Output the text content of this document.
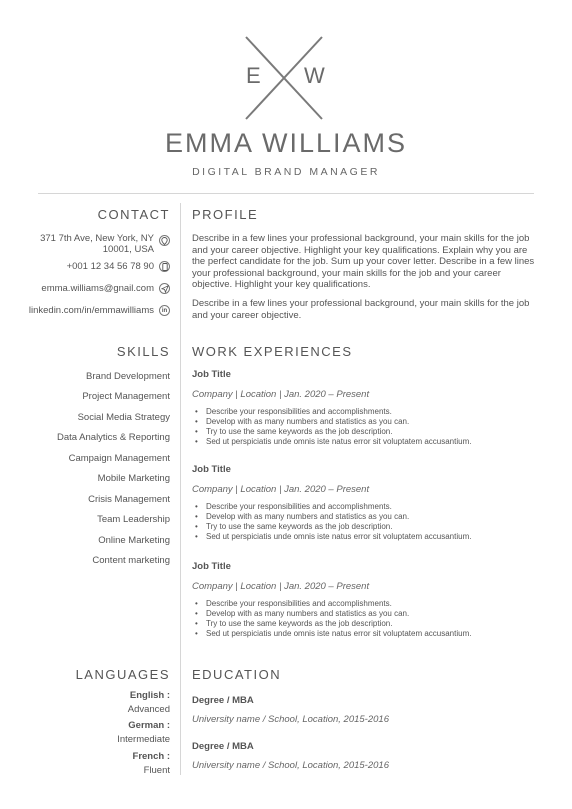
E W
EMMA WILLIAMS
DIGITAL BRAND MANAGER
CONTACT
371 7th Ave, New York, NY
10001, USA
+001 12 34 56 78 90
emma.williams@gnail.com
linkedin.com/in/emmawilliams	in
SKILLS
Brand Development
Project Management
Social Media Strategy
Data Analytics & Reporting
Campaign Management
Mobile Marketing
Crisis Management
Team Leadership
Online Marketing
Content marketing
LANGUAGES
English :
Advanced
German :
Intermediate
French :
Fluent
PROFILE
Describe in a few lines your professional background, your main skills for the job and your career objective. Highlight your key qualifications. Explain why you are the perfect candidate for the job. Sum up your cover letter. Describe in a few lines your professional background, your main skills for the job and your career objective. Highlight your key qualifications.
Describe in a few lines your professional background, your main skills for the job and your career objective.
WORK EXPERIENCES
Job Title
Company | Location | Jan. 2020 – Present
• Describe your responsibilities and accomplishments.
• Develop with as many numbers and statistics as you can.
• Try to use the same keywords as the job description.
• Sed ut perspiciatis unde omnis iste natus error sit voluptatem accusantium.
Job Title
Company | Location | Jan. 2020 – Present
• Describe your responsibilities and accomplishments.
• Develop with as many numbers and statistics as you can.
• Try to use the same keywords as the job description.
• Sed ut perspiciatis unde omnis iste natus error sit voluptatem accusantium.
Job Title
Company | Location | Jan. 2020 – Present
• Describe your responsibilities and accomplishments.
• Develop with as many numbers and statistics as you can.
• Try to use the same keywords as the job description.
• Sed ut perspiciatis unde omnis iste natus error sit voluptatem accusantium.
EDUCATION
Degree / MBA
University name / School, Location, 2015-2016
Degree / MBA
University name / School, Location, 2015-2016
